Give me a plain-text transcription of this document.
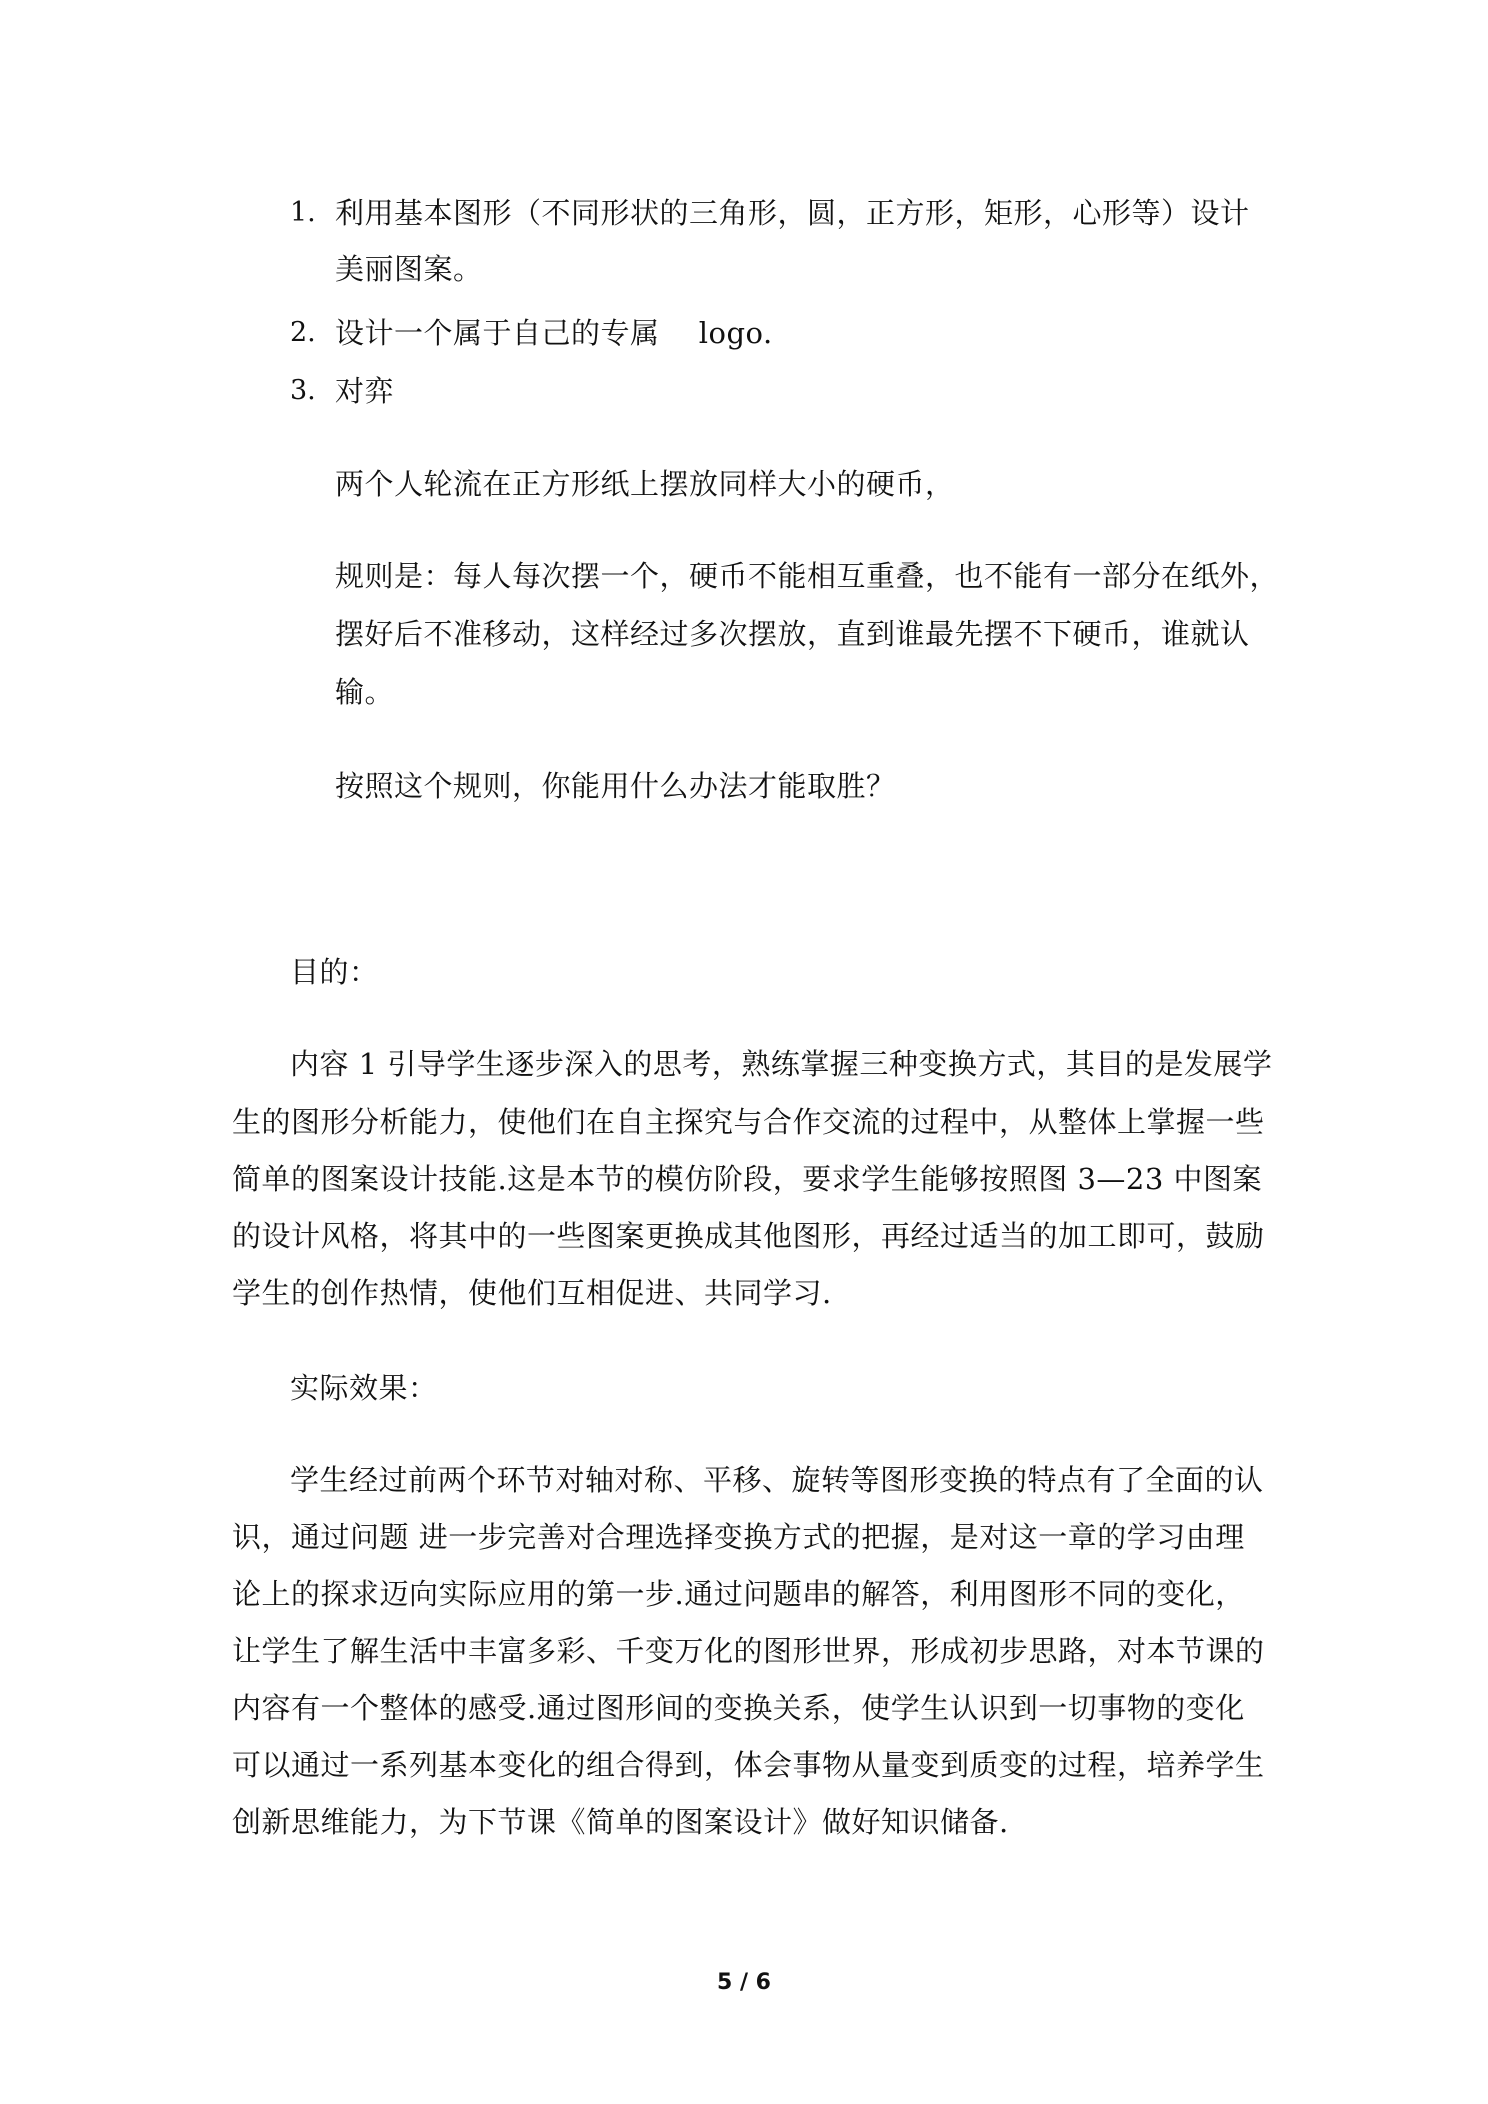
1. 利用基本图形（不同形状的三角形，圆，正方形，矩形，心形等）设计
美丽图案。
2. 设计一个属于自己的专属　 logo.
3. 对弈
两个人轮流在正方形纸上摆放同样大小的硬币，
规则是：每人每次摆一个，硬币不能相互重叠，也不能有一部分在纸外，
摆好后不准移动，这样经过多次摆放，直到谁最先摆不下硬币，谁就认
输。
按照这个规则，你能用什么办法才能取胜？
目的：
内容 1 引导学生逐步深入的思考，熟练掌握三种变换方式，其目的是发展学
生的图形分析能力，使他们在自主探究与合作交流的过程中，从整体上掌握一些
简单的图案设计技能.这是本节的模仿阶段，要求学生能够按照图 3—23 中图案
的设计风格，将其中的一些图案更换成其他图形，再经过适当的加工即可，鼓励
学生的创作热情，使他们互相促进、共同学习.
实际效果：
学生经过前两个环节对轴对称、平移、旋转等图形变换的特点有了全面的认
识，通过问题 进一步完善对合理选择变换方式的把握，是对这一章的学习由理
论上的探求迈向实际应用的第一步.通过问题串的解答，利用图形不同的变化，
让学生了解生活中丰富多彩、千变万化的图形世界，形成初步思路，对本节课的
内容有一个整体的感受.通过图形间的变换关系，使学生认识到一切事物的变化
可以通过一系列基本变化的组合得到，体会事物从量变到质变的过程，培养学生
创新思维能力，为下节课《简单的图案设计》做好知识储备.
5 / 6
